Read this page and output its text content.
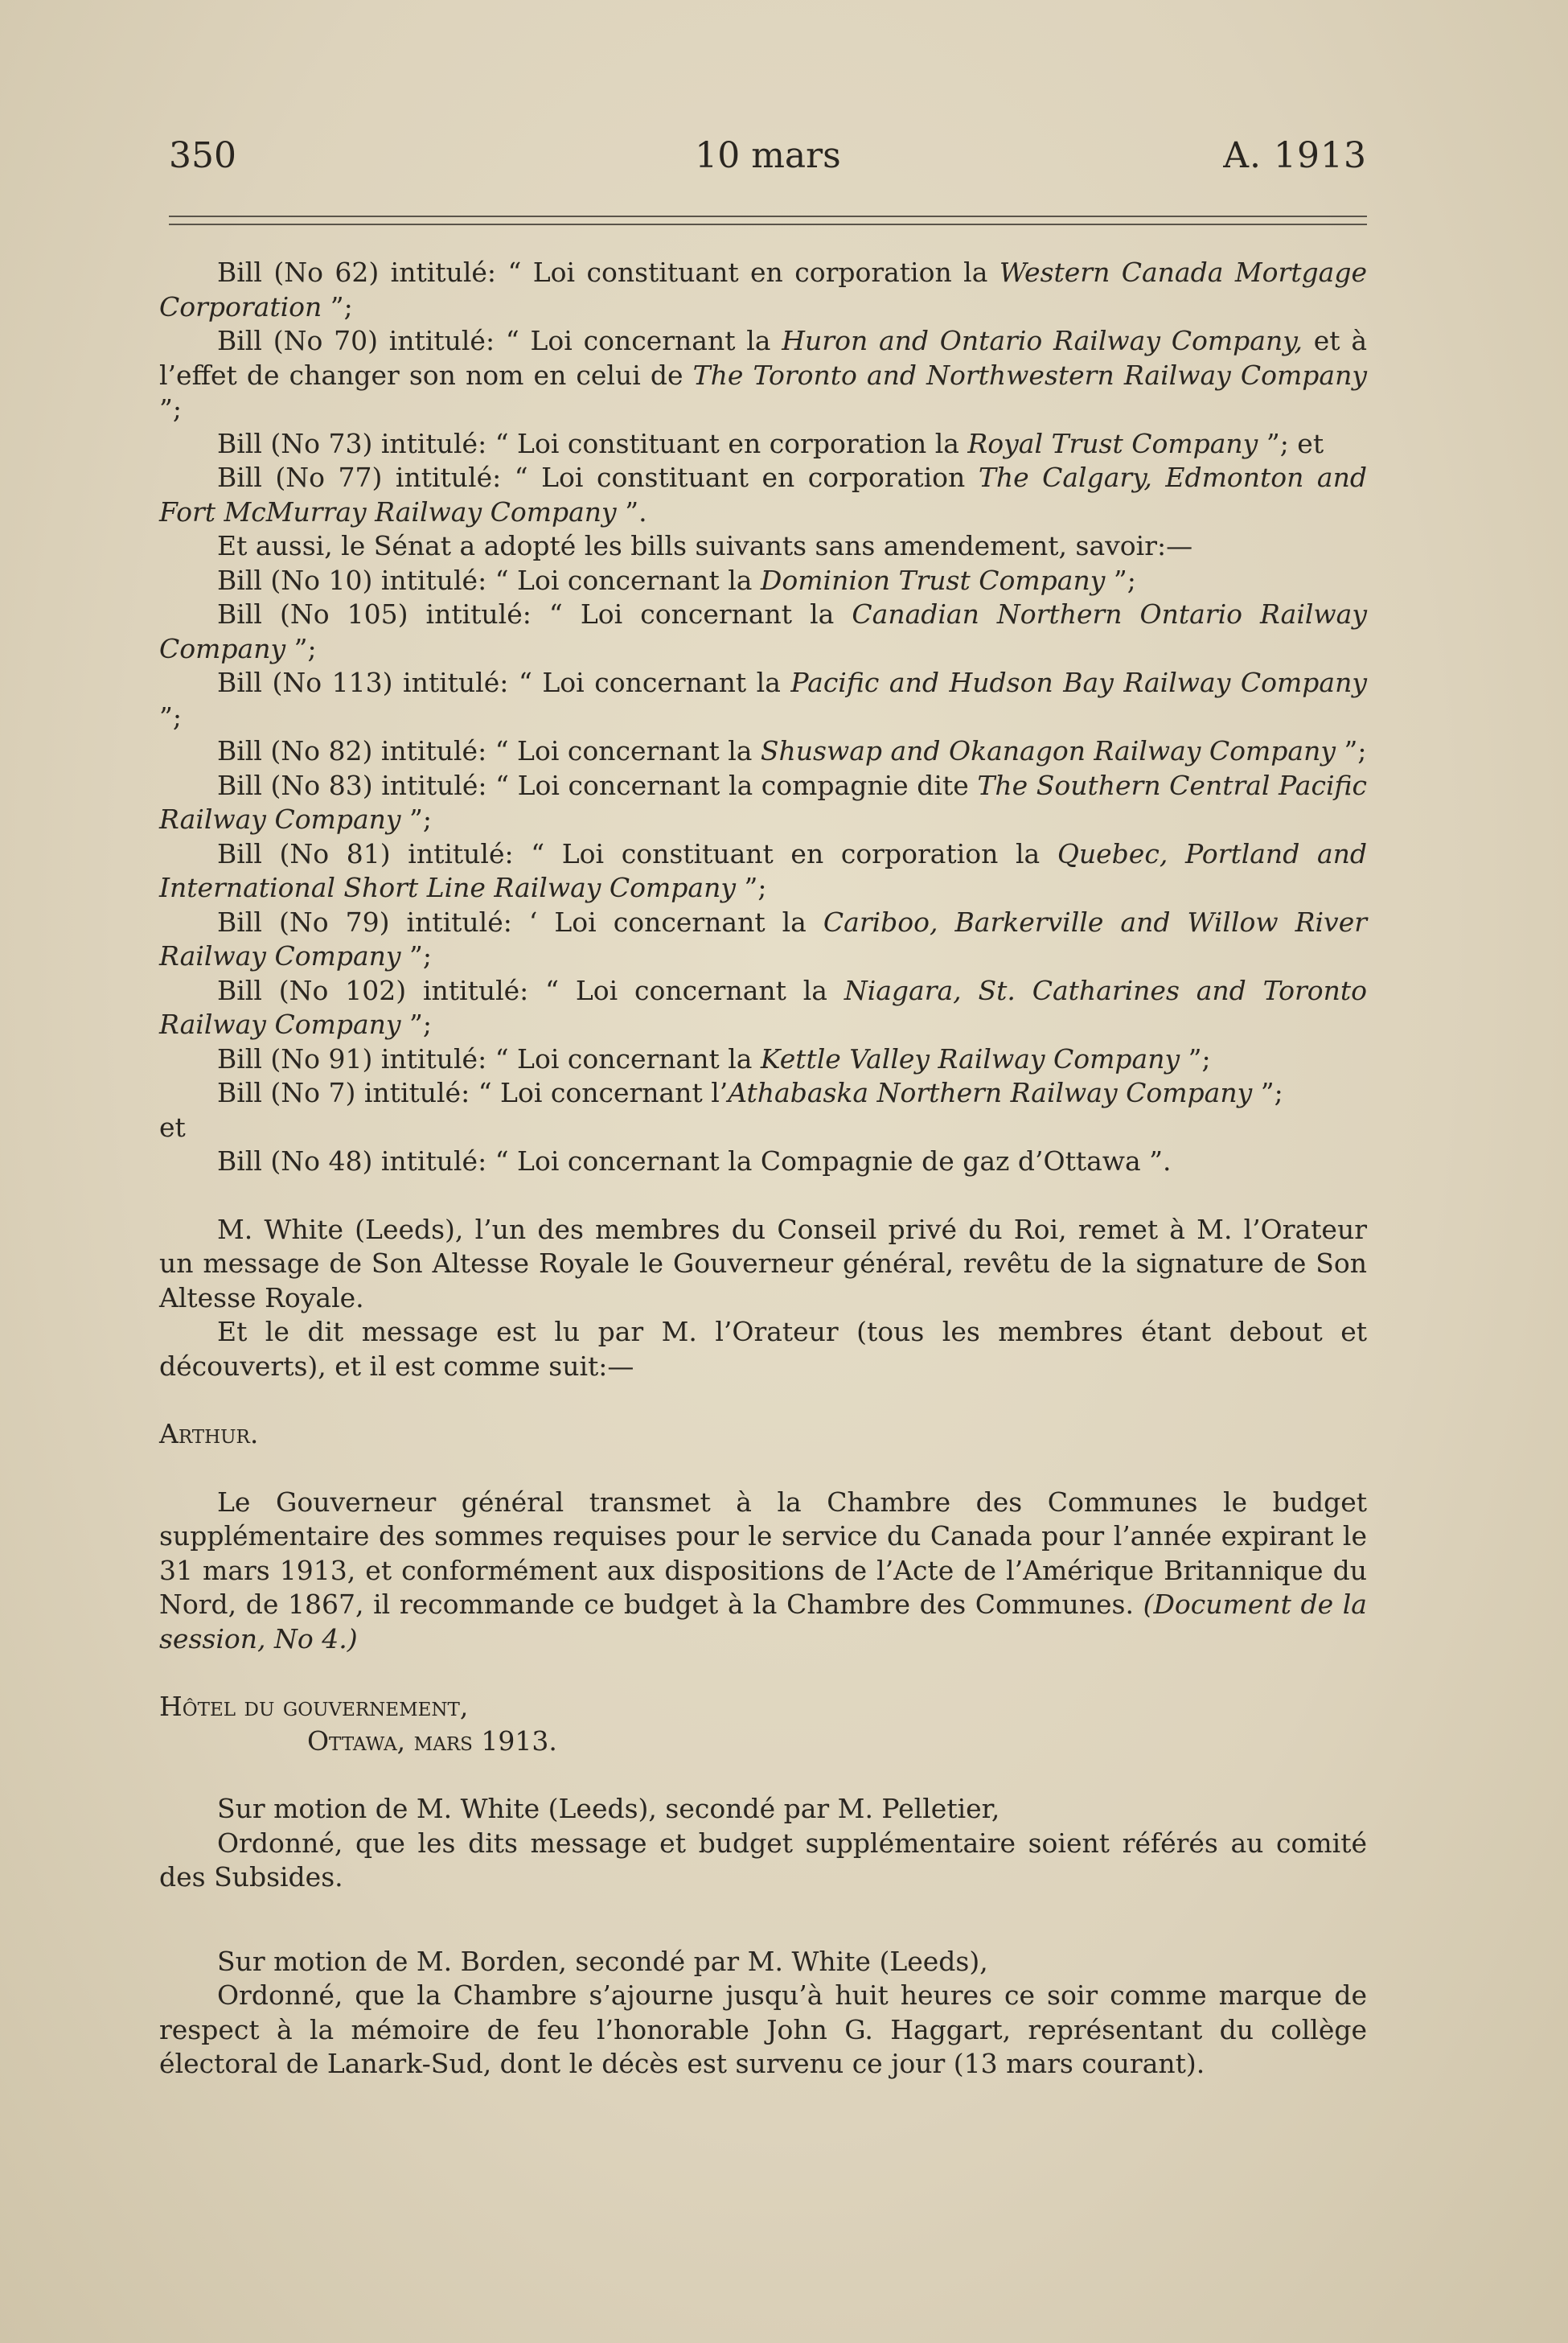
350	10 mars	A. 1913

Bill (No 62) intitulé: “ Loi constituant en corporation la Western Canada Mortgage Corporation ”;

Bill (No 70) intitulé: “ Loi concernant la Huron and Ontario Railway Company, et à l’effet de changer son nom en celui de The Toronto and Northwestern Railway Company ”;

Bill (No 73) intitulé: “ Loi constituant en corporation la Royal Trust Company ”; et

Bill (No 77) intitulé: “ Loi constituant en corporation The Calgary, Edmonton and Fort McMurray Railway Company ”.

Et aussi, le Sénat a adopté les bills suivants sans amendement, savoir:—

Bill (No 10) intitulé: “ Loi concernant la Dominion Trust Company ”;

Bill (No 105) intitulé: “ Loi concernant la Canadian Northern Ontario Railway Company ”;

Bill (No 113) intitulé: “ Loi concernant la Pacific and Hudson Bay Railway Company ”;

Bill (No 82) intitulé: “ Loi concernant la Shuswap and Okanagon Railway Company ”;

Bill (No 83) intitulé: “ Loi concernant la compagnie dite The Southern Central Pacific Railway Company ”;

Bill (No 81) intitulé: “ Loi constituant en corporation la Quebec, Portland and International Short Line Railway Company ”;

Bill (No 79) intitulé: ‘ Loi concernant la Cariboo, Barkerville and Willow River Railway Company ”;

Bill (No 102) intitulé: “ Loi concernant la Niagara, St. Catharines and Toronto Railway Company ”;

Bill (No 91) intitulé: “ Loi concernant la Kettle Valley Railway Company ”;

Bill (No 7) intitulé: “ Loi concernant l’Athabaska Northern Railway Company ”;

et

Bill (No 48) intitulé: “ Loi concernant la Compagnie de gaz d’Ottawa ”.

M. White (Leeds), l’un des membres du Conseil privé du Roi, remet à M. l’Orateur un message de Son Altesse Royale le Gouverneur général, revêtu de la signature de Son Altesse Royale.

Et le dit message est lu par M. l’Orateur (tous les membres étant debout et découverts), et il est comme suit:—

Arthur.

Le Gouverneur général transmet à la Chambre des Communes le budget supplémentaire des sommes requises pour le service du Canada pour l’année expirant le 31 mars 1913, et conformément aux dispositions de l’Acte de l’Amérique Britannique du Nord, de 1867, il recommande ce budget à la Chambre des Communes. (Document de la session, No 4.)

Hôtel du gouvernement,

Ottawa, mars 1913.

Sur motion de M. White (Leeds), secondé par M. Pelletier,

Ordonné, que les dits message et budget supplémentaire soient référés au comité des Subsides.

Sur motion de M. Borden, secondé par M. White (Leeds),

Ordonné, que la Chambre s’ajourne jusqu’à huit heures ce soir comme marque de respect à la mémoire de feu l’honorable John G. Haggart, représentant du collège électoral de Lanark-Sud, dont le décès est survenu ce jour (13 mars courant).
